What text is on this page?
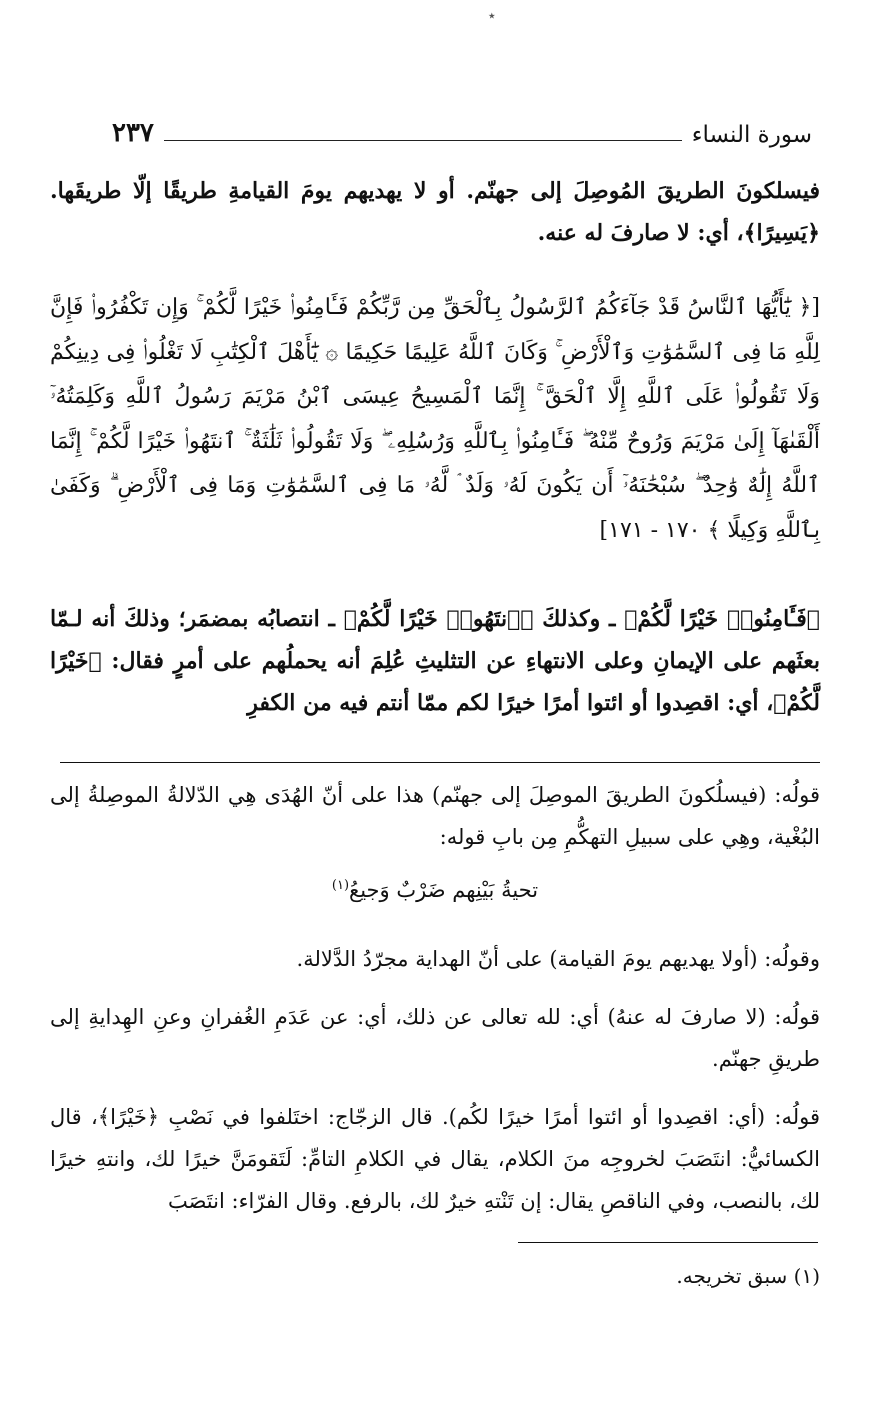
٭
سورة النساء
٢٣٧

فيسلكونَ الطريقَ المُوصِلَ إلى جهنّم. أو لا يهديهم يومَ القيامةِ طريقًا إلّا طريقَها. ﴿يَسِيرًا﴾، أي: لا صارفَ له عنه.

[﴿ يَٰٓأَيُّهَا ٱلنَّاسُ قَدْ جَآءَكُمُ ٱلرَّسُولُ بِٱلْحَقِّ مِن رَّبِّكُمْ فَـَٔامِنُوا۟ خَيْرًا لَّكُمْ ۚ وَإِن تَكْفُرُوا۟ فَإِنَّ لِلَّهِ مَا فِى ٱلسَّمَٰوَٰتِ وَٱلْأَرْضِ ۚ وَكَانَ ٱللَّهُ عَلِيمًا حَكِيمًا ۞ يَٰٓأَهْلَ ٱلْكِتَٰبِ لَا تَغْلُوا۟ فِى دِينِكُمْ وَلَا تَقُولُوا۟ عَلَى ٱللَّهِ إِلَّا ٱلْحَقَّ ۚ إِنَّمَا ٱلْمَسِيحُ عِيسَى ٱبْنُ مَرْيَمَ رَسُولُ ٱللَّهِ وَكَلِمَتُهُۥٓ أَلْقَىٰهَآ إِلَىٰ مَرْيَمَ وَرُوحٌ مِّنْهُ ۖ فَـَٔامِنُوا۟ بِٱللَّهِ وَرُسُلِهِۦ ۖ وَلَا تَقُولُوا۟ ثَلَٰثَةٌ ۚ ٱنتَهُوا۟ خَيْرًا لَّكُمْ ۚ إِنَّمَا ٱللَّهُ إِلَٰهٌ وَٰحِدٌ ۖ سُبْحَٰنَهُۥٓ أَن يَكُونَ لَهُۥ وَلَدٌ ۘ لَّهُۥ مَا فِى ٱلسَّمَٰوَٰتِ وَمَا فِى ٱلْأَرْضِ ۗ وَكَفَىٰ بِٱللَّهِ وَكِيلًا ﴾ ١٧٠ - ١٧١]

﴿فَـَٔامِنُوا۟ خَيْرًا لَّكُمْ﴾ ـ وكذلكَ ﴿ٱنتَهُوا۟ خَيْرًا لَّكُمْ﴾ ـ انتصابُه بمضمَر؛ وذلكَ أنه لـمّا بعثَهم على الإيمانِ وعلى الانتهاءِ عن التثليثِ عُلِمَ أنه يحملُهم على أمرٍ فقال: ﴿خَيْرًا لَّكُمْ﴾، أي: اقصِدوا أو ائتوا أمرًا خيرًا لكم ممّا أنتم فيه من الكفرِ

قولُه: (فيسلُكونَ الطريقَ الموصِلَ إلى جهنّم) هذا على أنّ الهُدَى هِي الدّلالةُ الموصِلةُ إلى البُغْية، وهِي على سبيلِ التهكُّمِ مِن بابِ قوله:

تحيةُ بَيْنِهم ضَرْبٌ وَجيعُ$^{(١)}$

وقولُه: (أولا يهديهم يومَ القيامة) على أنّ الهداية مجرّدُ الدَّلالة.

قولُه: (لا صارفَ له عنهُ) أي: لله تعالى عن ذلك، أي: عن عَدَمِ الغُفرانِ وعنِ الهِدايةِ إلى طريقِ جهنّم.

قولُه: (أي: اقصِدوا أو ائتوا أمرًا خيرًا لكُم). قال الزجّاج: اختَلفوا في نَصْبِ ﴿خَيْرًا﴾، قال الكسائيُّ: انتَصَبَ لخروجِه منَ الكلام، يقال في الكلامِ التامِّ: لَتَقومَنَّ خيرًا لك، وانتهِ خيرًا لك، بالنصب، وفي الناقصِ يقال: إن تَنْتهِ خيرٌ لك، بالرفع. وقال الفرّاء: انتَصَبَ

(١) سبق تخريجه.
